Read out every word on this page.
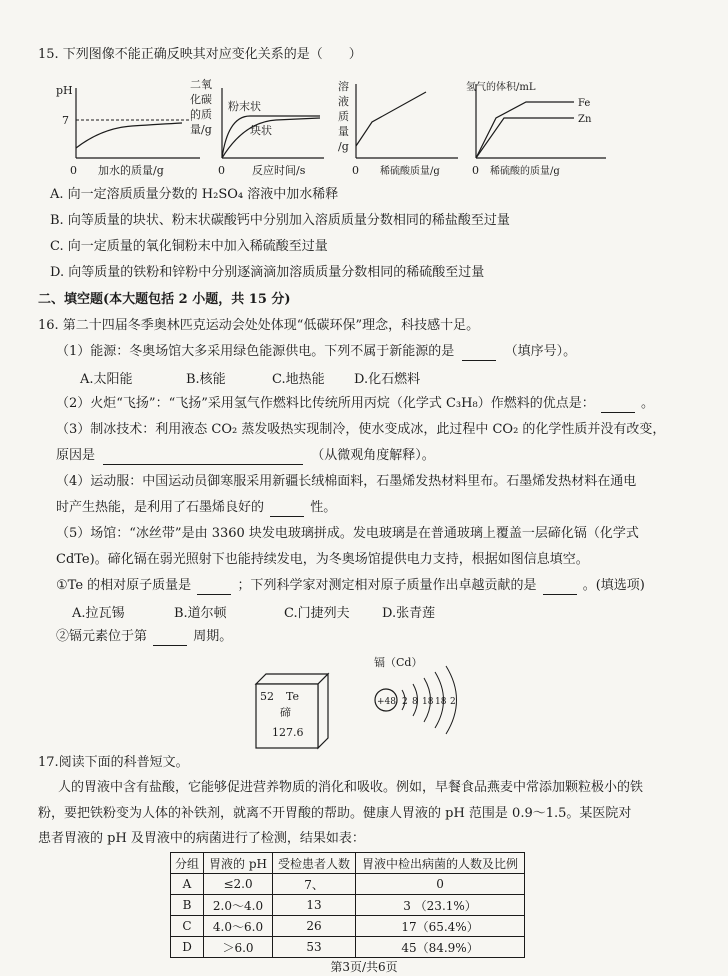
15. 下列图像不能正确反映其对应变化关系的是（　　）
pH
7
0 加水的质量/g
二氧
化碳
的质
量/g
粉末状
块状
0 反应时间/s
溶
液
质
量
/g
0 稀硫酸质量/g
氢气的体积/mL
Fe
Zn
0 稀硫酸的质量/g
A. 向一定溶质质量分数的 H₂SO₄ 溶液中加水稀释
B. 向等质量的块状、粉末状碳酸钙中分别加入溶质质量分数相同的稀盐酸至过量
C. 向一定质量的氧化铜粉末中加入稀硫酸至过量
D. 向等质量的铁粉和锌粉中分别逐滴滴加溶质质量分数相同的稀硫酸至过量
二、填空题(本大题包括 2 小题，共 15 分)
16. 第二十四届冬季奥林匹克运动会处处体现“低碳环保”理念，科技感十足。
（1）能源：冬奥场馆大多采用绿色能源供电。下列不属于新能源的是	（填序号）。
A.太阳能	B.核能	C.地热能 D.化石燃料
（2）火炬“飞扬”：“飞扬”采用氢气作燃料比传统所用丙烷（化学式 C₃H₈）作燃料的优点是：	。
（3）制冰技术：利用液态 CO₂ 蒸发吸热实现制冷，使水变成冰，此过程中 CO₂ 的化学性质并没有改变，
原因是	（从微观角度解释）。
（4）运动服：中国运动员御寒服采用新疆长绒棉面料，石墨烯发热材料里布。石墨烯发热材料在通电
时产生热能，是利用了石墨烯良好的	性。
（5）场馆：“冰丝带”是由 3360 块发电玻璃拼成。发电玻璃是在普通玻璃上覆盖一层碲化镉（化学式
CdTe)。碲化镉在弱光照射下也能持续发电，为冬奥场馆提供电力支持，根据如图信息填空。
①Te 的相对原子质量是	；下列科学家对测定相对原子质量作出卓越贡献的是	。(填选项)
A.拉瓦锡	B.道尔顿	C.门捷列夫 D.张青莲
②镉元素位于第	周期。
52 Te
碲
127.6
镉（Cd）
+48 2 8 18 18 2
17.阅读下面的科普短文。
人的胃液中含有盐酸，它能够促进营养物质的消化和吸收。例如，早餐食品燕麦中常添加颗粒极小的铁
粉，要把铁粉变为人体的补铁剂，就离不开胃酸的帮助。健康人胃液的 pH 范围是 0.9～1.5。某医院对
患者胃液的 pH 及胃液中的病菌进行了检测，结果如表：
分组	胃液的 pH	受检患者人数	胃液中检出病菌的人数及比例
A	≤2.0	7、	0
B	2.0～4.0	13	3 （23.1%）
C	4.0～6.0	26	17（65.4%）
D	＞6.0	53	45（84.9%）
第3页/共6页
